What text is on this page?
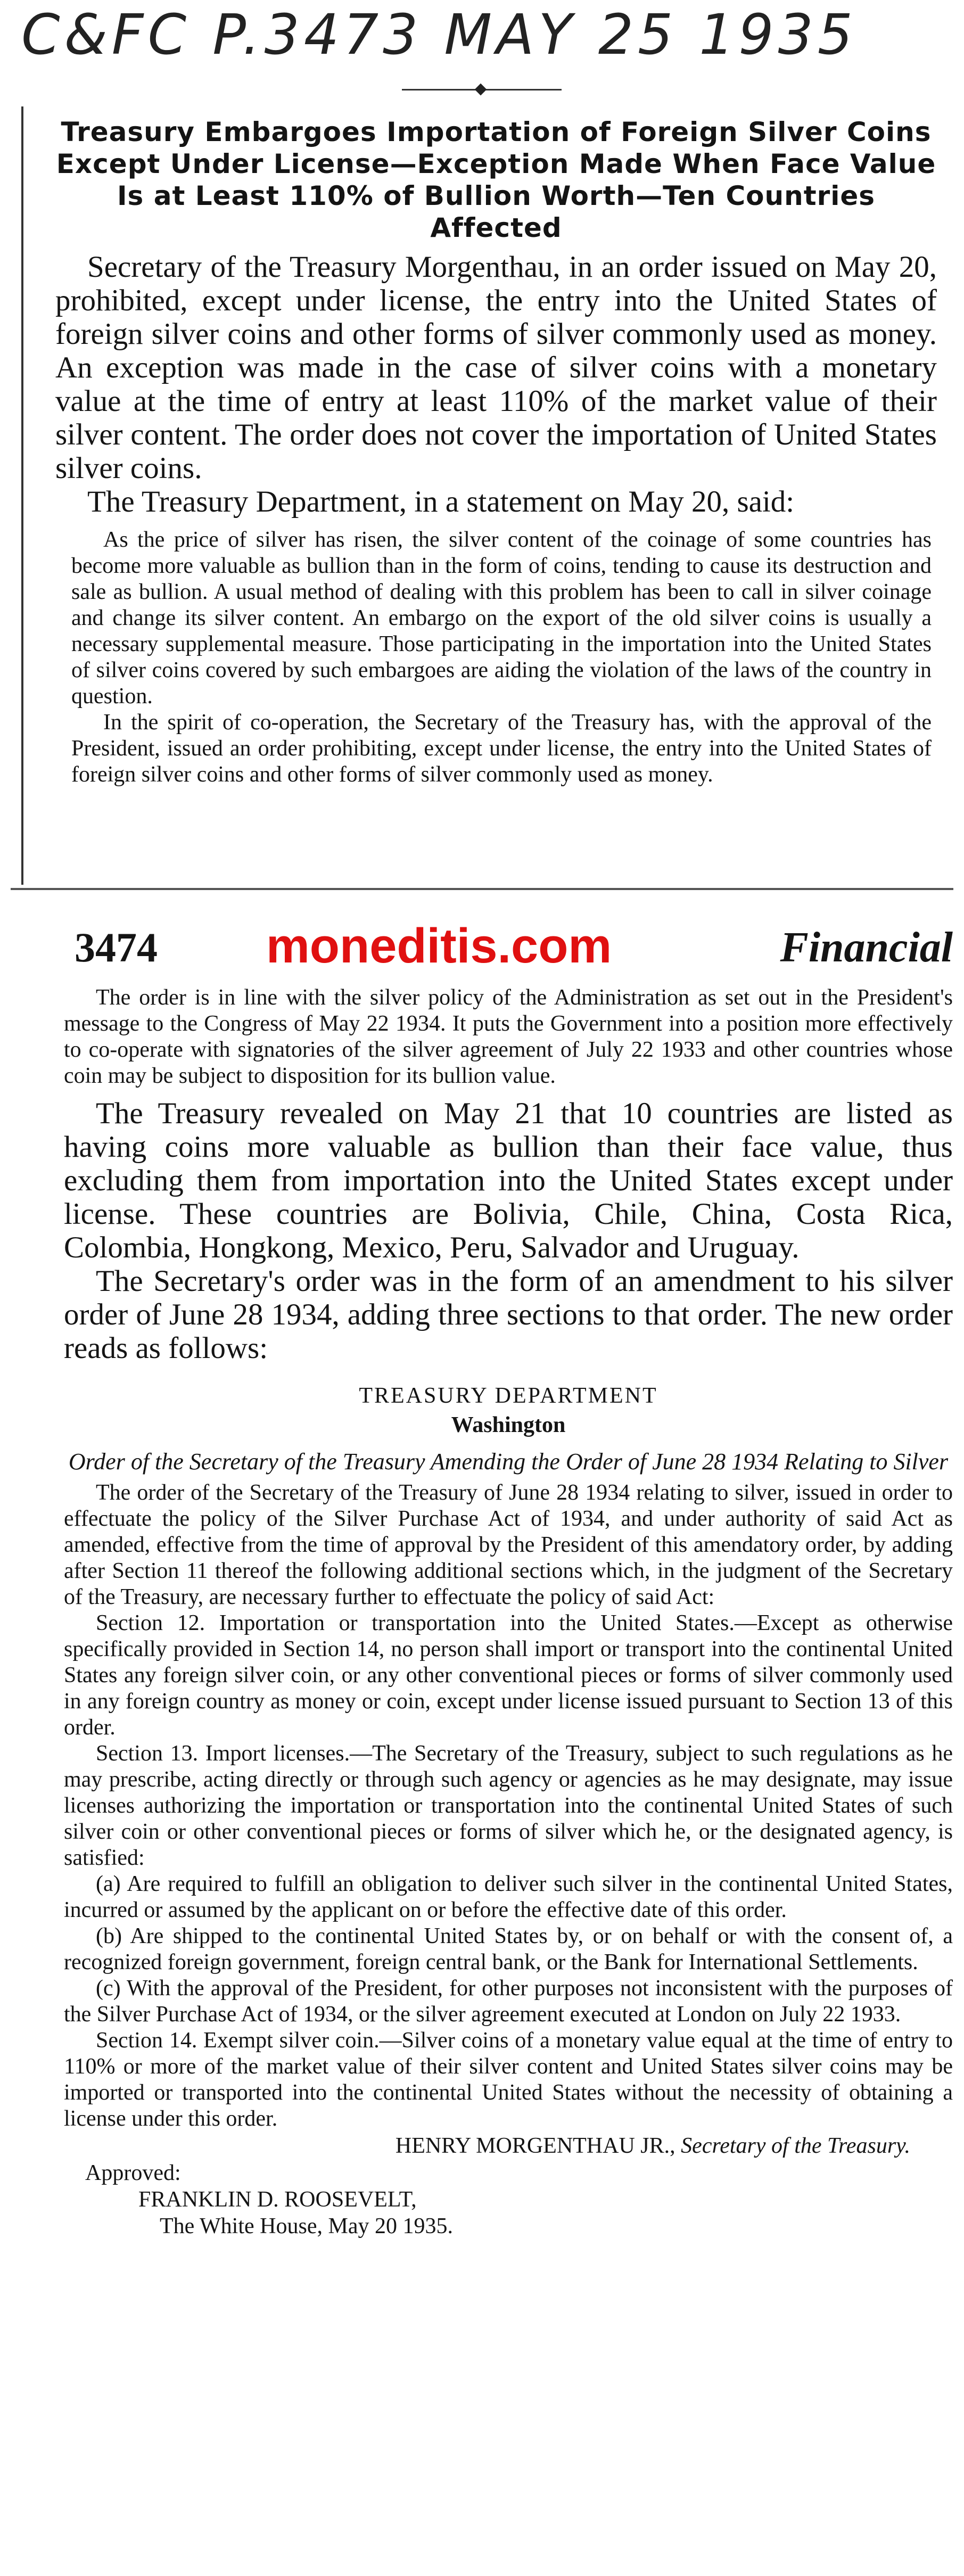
C&FC P.3473 MAY 25 1935
Treasury Embargoes Importation of Foreign Silver Coins Except Under License—Exception Made When Face Value Is at Least 110% of Bullion Worth—Ten Countries Affected

Secretary of the Treasury Morgenthau, in an order issued on May 20, prohibited, except under license, the entry into the United States of foreign silver coins and other forms of silver commonly used as money. An exception was made in the case of silver coins with a monetary value at the time of entry at least 110% of the market value of their silver content. The order does not cover the importation of United States silver coins.

The Treasury Department, in a statement on May 20, said:

As the price of silver has risen, the silver content of the coinage of some countries has become more valuable as bullion than in the form of coins, tending to cause its destruction and sale as bullion. A usual method of dealing with this problem has been to call in silver coinage and change its silver content. An embargo on the export of the old silver coins is usually a necessary supplemental measure. Those participating in the importation into the United States of silver coins covered by such embargoes are aiding the violation of the laws of the country in question.

In the spirit of co-operation, the Secretary of the Treasury has, with the approval of the President, issued an order prohibiting, except under license, the entry into the United States of foreign silver coins and other forms of silver commonly used as money.

3474 moneditis.com	Financial

The order is in line with the silver policy of the Administration as set out in the President's message to the Congress of May 22 1934. It puts the Government into a position more effectively to co-operate with signatories of the silver agreement of July 22 1933 and other countries whose coin may be subject to disposition for its bullion value.

The Treasury revealed on May 21 that 10 countries are listed as having coins more valuable as bullion than their face value, thus excluding them from importation into the United States except under license. These countries are Bolivia, Chile, China, Costa Rica, Colombia, Hongkong, Mexico, Peru, Salvador and Uruguay.

The Secretary's order was in the form of an amendment to his silver order of June 28 1934, adding three sections to that order. The new order reads as follows:

TREASURY DEPARTMENT

Washington

Order of the Secretary of the Treasury Amending the Order of June 28 1934 Relating to Silver

The order of the Secretary of the Treasury of June 28 1934 relating to silver, issued in order to effectuate the policy of the Silver Purchase Act of 1934, and under authority of said Act as amended, effective from the time of approval by the President of this amendatory order, by adding after Section 11 thereof the following additional sections which, in the judgment of the Secretary of the Treasury, are necessary further to effectuate the policy of said Act:

Section 12. Importation or transportation into the United States.—Except as otherwise specifically provided in Section 14, no person shall import or transport into the continental United States any foreign silver coin, or any other conventional pieces or forms of silver commonly used in any foreign country as money or coin, except under license issued pursuant to Section 13 of this order.

Section 13. Import licenses.—The Secretary of the Treasury, subject to such regulations as he may prescribe, acting directly or through such agency or agencies as he may designate, may issue licenses authorizing the importation or transportation into the continental United States of such silver coin or other conventional pieces or forms of silver which he, or the designated agency, is satisfied:

(a) Are required to fulfill an obligation to deliver such silver in the continental United States, incurred or assumed by the applicant on or before the effective date of this order.

(b) Are shipped to the continental United States by, or on behalf or with the consent of, a recognized foreign government, foreign central bank, or the Bank for International Settlements.

(c) With the approval of the President, for other purposes not inconsistent with the purposes of the Silver Purchase Act of 1934, or the silver agreement executed at London on July 22 1933.

Section 14. Exempt silver coin.—Silver coins of a monetary value equal at the time of entry to 110% or more of the market value of their silver content and United States silver coins may be imported or transported into the continental United States without the necessity of obtaining a license under this order.

HENRY MORGENTHAU JR., Secretary of the Treasury.

Approved:

FRANKLIN D. ROOSEVELT,

The White House, May 20 1935.
